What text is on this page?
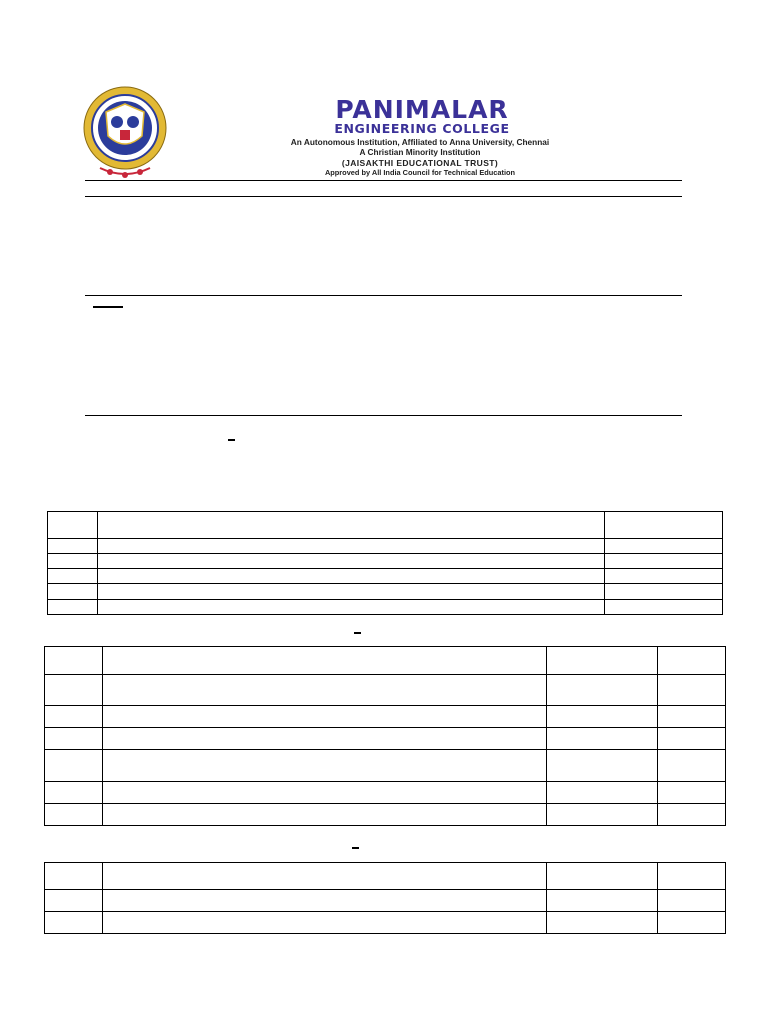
PANIMALAR
ENGINEERING COLLEGE
An Autonomous Institution, Affiliated to Anna University, Chennai
A Christian Minority Institution
(JAISAKTHI EDUCATIONAL TRUST)
Approved by All India Council for Technical Education
